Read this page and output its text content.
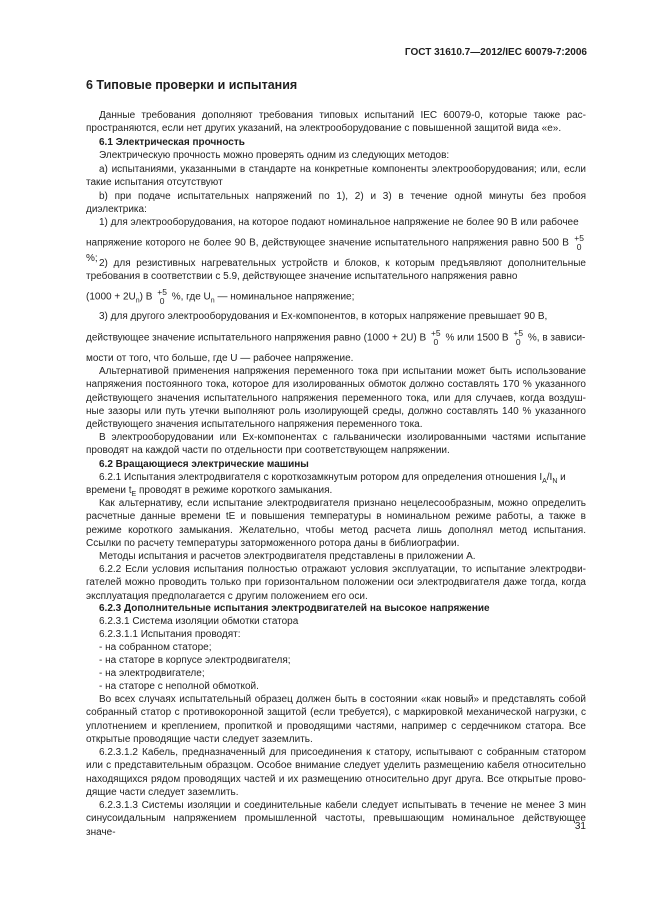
ГОСТ 31610.7—2012/IEC 60079-7:2006
6 Типовые проверки и испытания

Данные требования дополняют требования типовых испытаний IEC 60079-0, которые также распространяются, если нет других указаний, на электрооборудование с повышенной защитой вида «е».

6.1 Электрическая прочность

Электрическую прочность можно проверять одним из следующих методов:

а) испытаниями, указанными в стандарте на конкретные компоненты электрооборудования; или, если такие испытания отсутствуют

b) при подаче испытательных напряжений по 1), 2) и 3) в течение одной минуты без пробоя диэлектрика:

1) для электрооборудования, на которое подают номинальное напряжение не более 90 В или рабочее

напряжение которого не более 90 В, действующее значение испытательного напряжения равно 500 В +5
0 %; 2) для резистивных нагревательных устройств и блоков, к которым предъявляют дополнительные требования в соответствии с 5.9, действующее значение испытательного напряжения равно

$(1000 + 2U_n)$ В +5
0 %, где $U_n$ — номинальное напряжение;

3) для другого электрооборудования и Ex-компонентов, в которых напряжение превышает 90 В,

действующее значение испытательного напряжения равно (1000 + 2U) В +5
0 % или 1500 В +5
0 %, в зависи-

мости от того, что больше, где U — рабочее напряжение.

Альтернативой применения напряжения переменного тока при испытании может быть использование напряжения постоянного тока, которое для изолированных обмоток должно составлять 170 % указанного действующего значения испытательного напряжения переменного тока, или для случаев, когда воздушные зазоры или путь утечки выполняют роль изолирующей среды, должно составлять 140 % указанного действующего значения испытательного напряжения переменного тока.

В электрооборудовании или Ex-компонентах с гальванически изолированными частями испытание проводят на каждой части по отдельности при соответствующем напряжении.

6.2 Вращающиеся электрические машины

6.2.1 Испытания электродвигателя с короткозамкнутым ротором для определения отношения $I_A/I_N$ и

времени $t_E$ проводят в режиме короткого замыкания.

Как альтернативу, если испытание электродвигателя признано нецелесообразным, можно определить расчетные данные времени tE и повышения температуры в номинальном режиме работы, а также в режиме короткого замыкания. Желательно, чтобы метод расчета лишь дополнял метод испытания. Ссылки по расчету температуры заторможенного ротора даны в библиографии.

Методы испытания и расчетов электродвигателя представлены в приложении А.

6.2.2 Если условия испытания полностью отражают условия эксплуатации, то испытание электродвигателей можно проводить только при горизонтальном положении оси электродвигателя даже тогда, когда эксплуатация предполагается с другим положением его оси.

6.2.3 Дополнительные испытания электродвигателей на высокое напряжение

6.2.3.1 Система изоляции обмотки статора

6.2.3.1.1 Испытания проводят:

- на собранном статоре;

- на статоре в корпусе электродвигателя;

- на электродвигателе;

- на статоре с неполной обмоткой.

Во всех случаях испытательный образец должен быть в состоянии «как новый» и представлять собой собранный статор с противокоронной защитой (если требуется), с маркировкой механической нагрузки, с уплотнением и креплением, пропиткой и проводящими частями, например с сердечником статора. Все открытые проводящие части следует заземлить.

6.2.3.1.2 Кабель, предназначенный для присоединения к статору, испытывают с собранным статором или с представительным образцом. Особое внимание следует уделить размещению кабеля относительно находящихся рядом проводящих частей и их размещению относительно друг друга. Все открытые проводящие части следует заземлить.

6.2.3.1.3 Системы изоляции и соединительные кабели следует испытывать в течение не менее 3 мин синусоидальным напряжением промышленной частоты, превышающим номинальное действующее значе-

31
